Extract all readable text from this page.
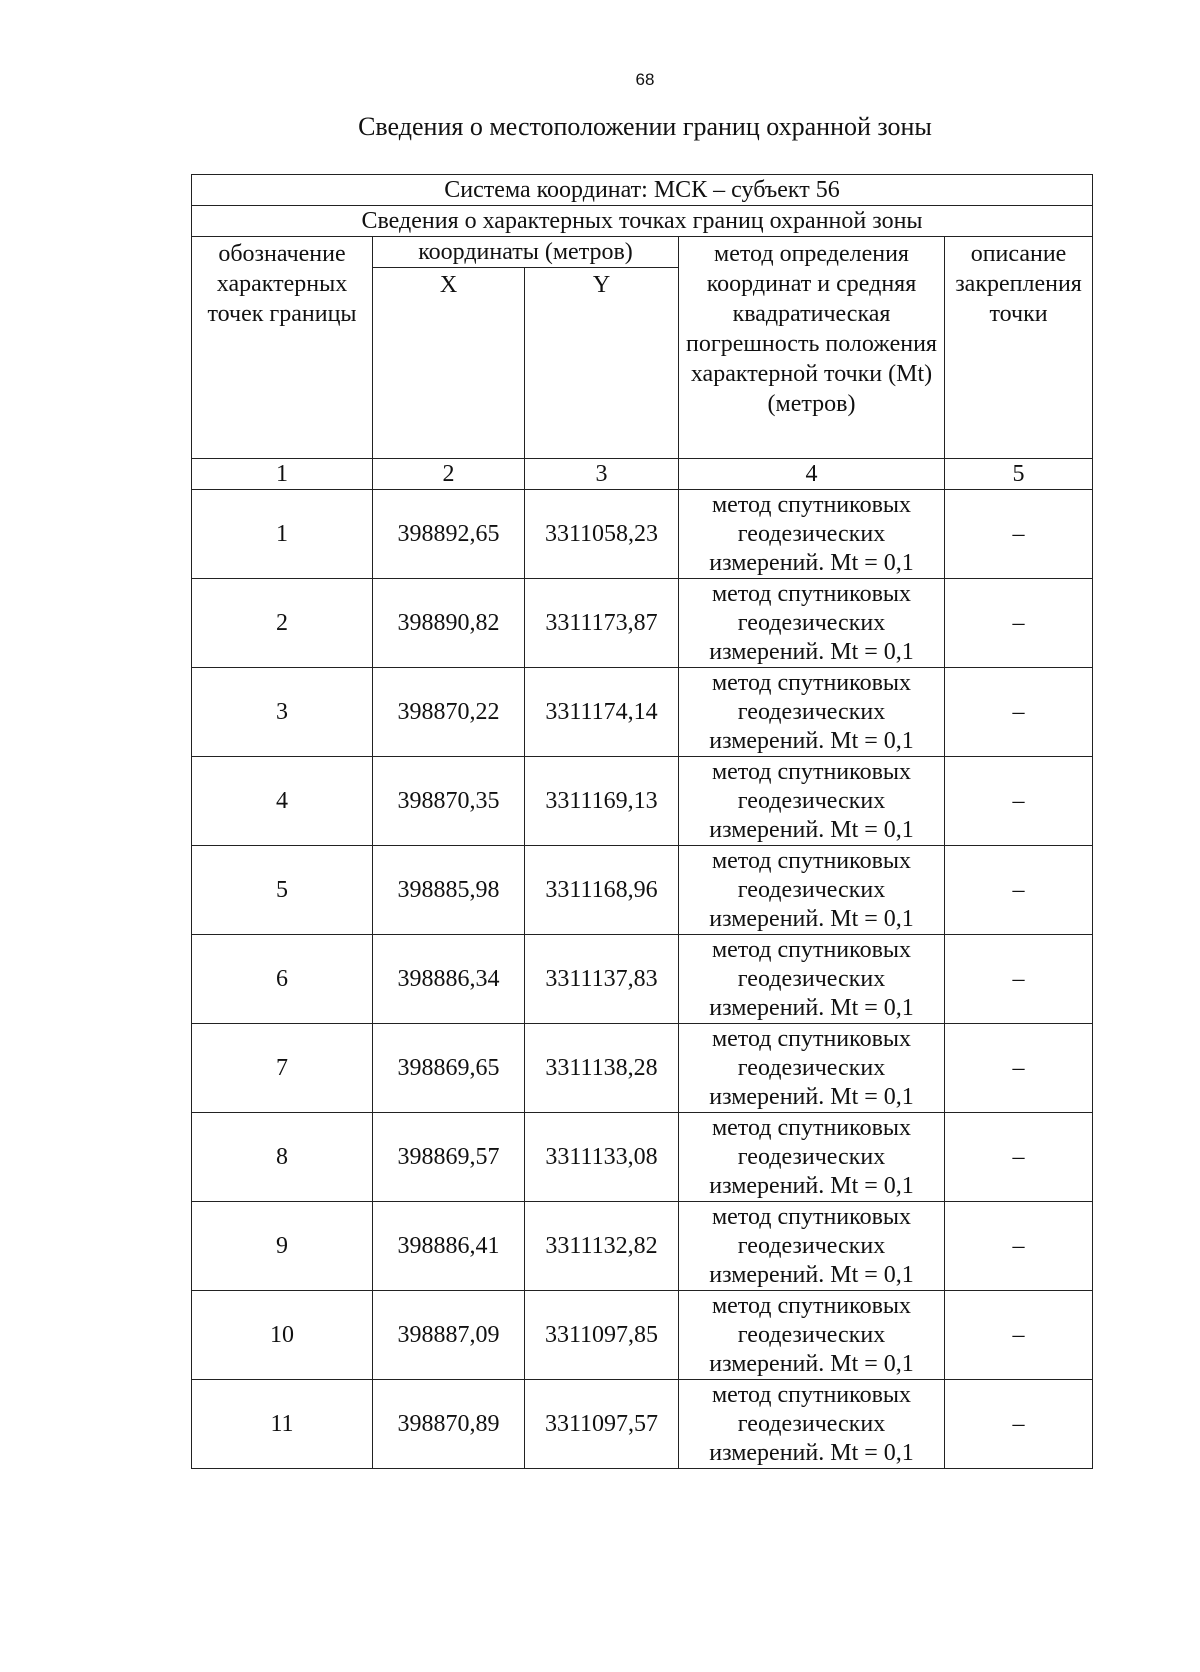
68
Сведения о местоположении границ охранной зоны
Система координат: МСК – субъект 56				
Сведения о характерных точках границ охранной зоны				
обозначение характерных точек границы	координаты (метров)		метод определения координат и средняя квадратическая погрешность положения характерной точки (Mt) (метров)	описание закрепления точки
	X	Y		
1	2	3	4	5
1	398892,65	3311058,23	метод спутниковых геодезических измерений. Mt = 0,1	–
2	398890,82	3311173,87	метод спутниковых геодезических измерений. Mt = 0,1	–
3	398870,22	3311174,14	метод спутниковых геодезических измерений. Mt = 0,1	–
4	398870,35	3311169,13	метод спутниковых геодезических измерений. Mt = 0,1	–
5	398885,98	3311168,96	метод спутниковых геодезических измерений. Mt = 0,1	–
6	398886,34	3311137,83	метод спутниковых геодезических измерений. Mt = 0,1	–
7	398869,65	3311138,28	метод спутниковых геодезических измерений. Mt = 0,1	–
8	398869,57	3311133,08	метод спутниковых геодезических измерений. Mt = 0,1	–
9	398886,41	3311132,82	метод спутниковых геодезических измерений. Mt = 0,1	–
10	398887,09	3311097,85	метод спутниковых геодезических измерений. Mt = 0,1	–
11	398870,89	3311097,57	метод спутниковых геодезических измерений. Mt = 0,1	–
